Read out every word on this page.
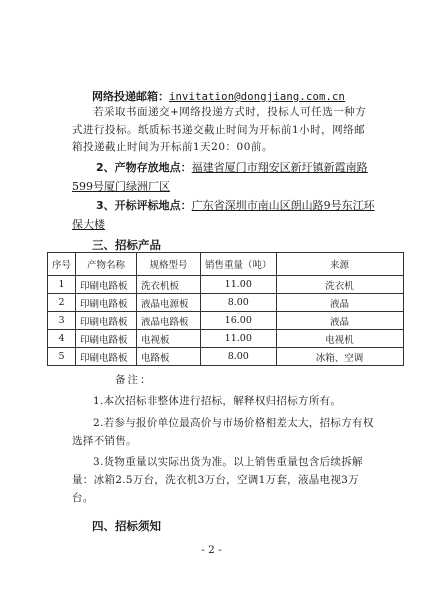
网络投递邮箱：invitation@dongjiang.com.cn
若采取书面递交+网络投递方式时，投标人可任选一种方式进行投标。纸质标书递交截止时间为开标前1小时，网络邮箱投递截止时间为开标前1天20：00前。
2、产物存放地点：福建省厦门市翔安区新圩镇新霞南路599号厦门绿洲厂区
3、开标评标地点：广东省深圳市南山区朗山路9号东江环保大楼
三、招标产品
序号	产物名称	规格型号	销售重量（吨）	来源
1	印刷电路板	洗衣机板	11.00	洗衣机
2	印刷电路板	液晶电源板	8.00	液晶
3	印刷电路板	液晶电路板	16.00	液晶
4	印刷电路板	电视板	11.00	电视机
5	印刷电路板	电路板	8.00	冰箱、空调
备注：
1.本次招标非整体进行招标，解释权归招标方所有。
2.若参与报价单位最高价与市场价格相差太大，招标方有权选择不销售。
3.货物重量以实际出货为准。以上销售重量包含后续拆解量：冰箱2.5万台，洗衣机3万台，空调1万套，液晶电视3万台。
四、招标须知
- 2 -
